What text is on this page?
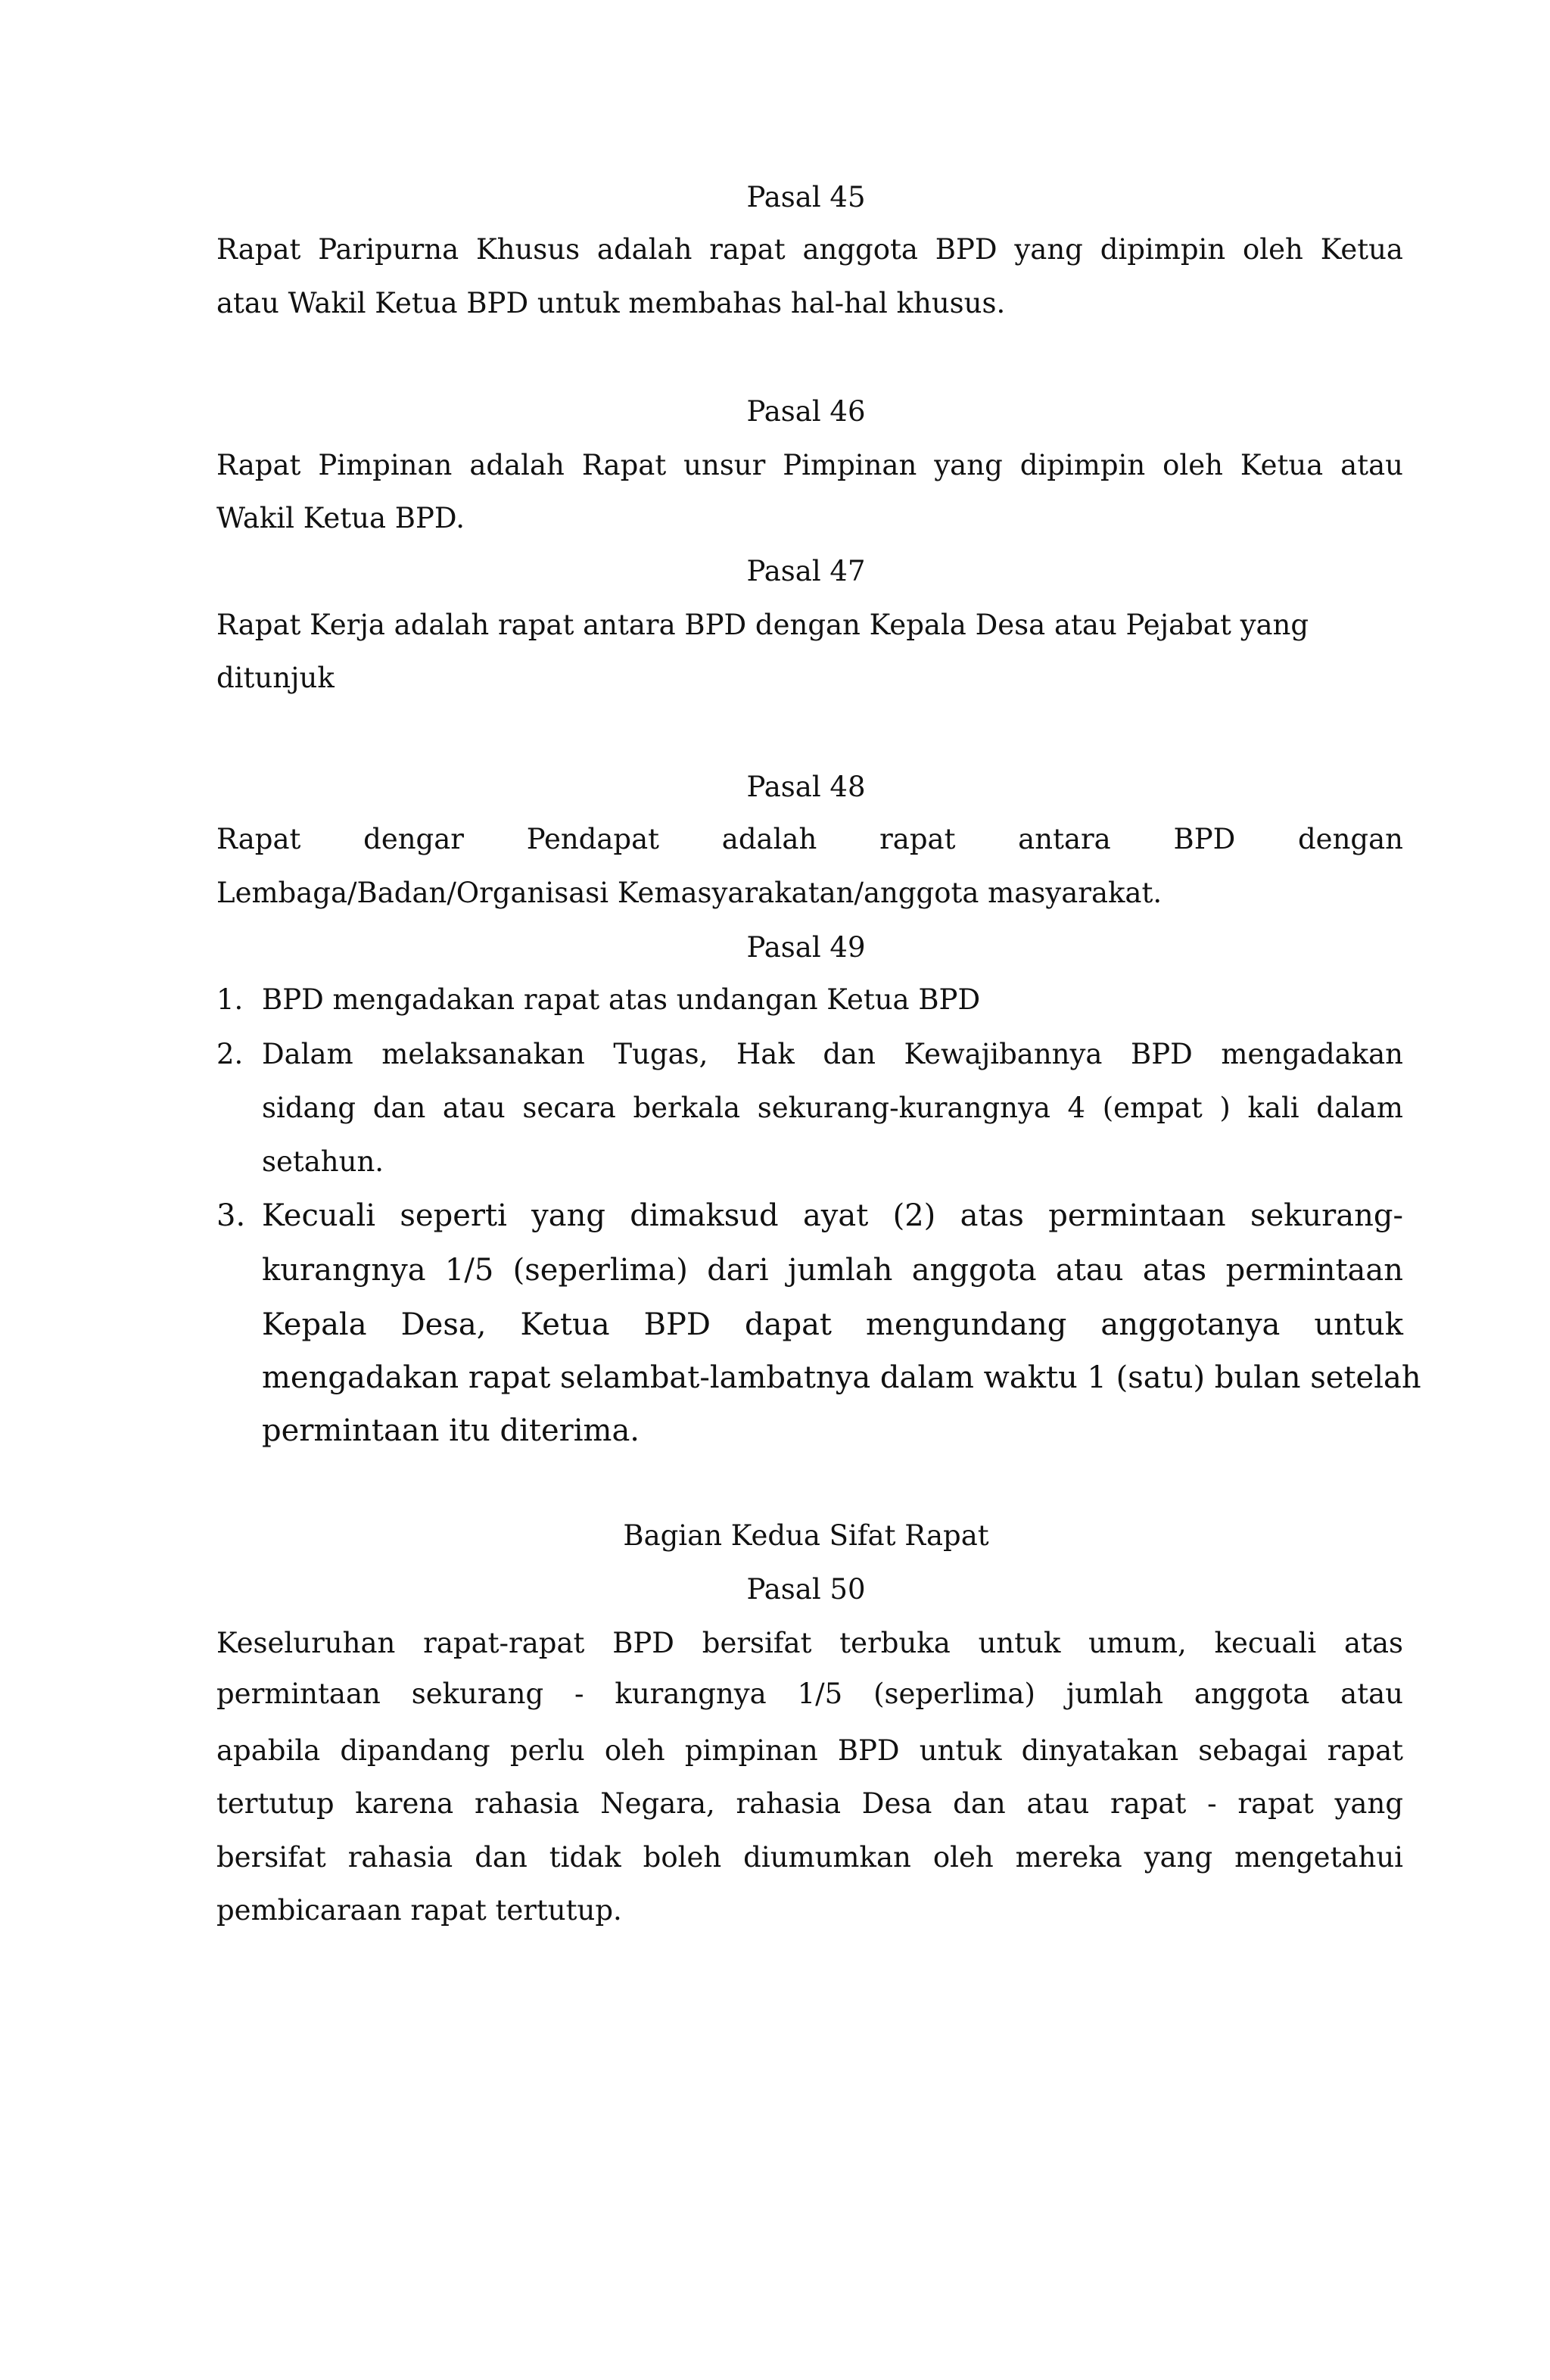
Pasal 45
Rapat Paripurna Khusus adalah rapat anggota BPD yang dipimpin oleh Ketua
atau Wakil Ketua BPD untuk membahas hal-hal khusus.
Pasal 46
Rapat Pimpinan adalah Rapat unsur Pimpinan yang dipimpin oleh Ketua atau
Wakil Ketua BPD.
Pasal 47
Rapat Kerja adalah rapat antara BPD dengan Kepala Desa atau Pejabat yang
ditunjuk
Pasal 48
Rapat dengar Pendapat adalah rapat antara BPD dengan
Lembaga/Badan/Organisasi Kemasyarakatan/anggota masyarakat.
Pasal 49
1. BPD mengadakan rapat atas undangan Ketua BPD
2. Dalam melaksanakan Tugas, Hak dan Kewajibannya BPD mengadakan
sidang dan atau secara berkala sekurang-kurangnya 4 (empat ) kali dalam
setahun.
3. Kecuali seperti yang dimaksud ayat (2) atas permintaan sekurang-
kurangnya 1/5 (seperlima) dari jumlah anggota atau atas permintaan
Kepala Desa, Ketua BPD dapat mengundang anggotanya untuk
mengadakan rapat selambat-lambatnya dalam waktu 1 (satu) bulan setelah
permintaan itu diterima.
Bagian Kedua Sifat Rapat
Pasal 50
Keseluruhan rapat-rapat BPD bersifat terbuka untuk umum, kecuali atas
permintaan sekurang - kurangnya 1/5 (seperlima) jumlah anggota atau
apabila dipandang perlu oleh pimpinan BPD untuk dinyatakan sebagai rapat
tertutup karena rahasia Negara, rahasia Desa dan atau rapat - rapat yang
bersifat rahasia dan tidak boleh diumumkan oleh mereka yang mengetahui
pembicaraan rapat tertutup.
